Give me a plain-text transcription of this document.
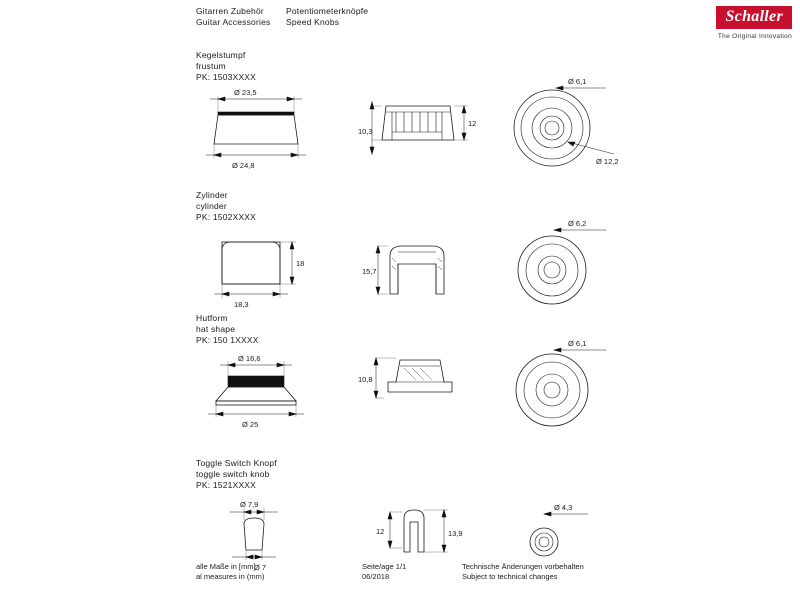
Gitarren Zubehör
Guitar Accessories
Potentiometerknöpfe
Speed Knobs	Schaller
The Original Innovation
Kegelstumpf
frustum
PK: 1503XXXX
Ø 23,5
Ø 24,8
10,3
12
Ø 6,1
Ø 12,2
Zylinder
cylinder
PK: 1502XXXX
18
18,3
15,7
Ø 6,2
Hutform
hat shape
PK: 150 1XXXX
Ø 16,6
Ø 25
10,8
Ø 6,1
Toggle Switch Knopf
toggle switch knob
PK: 1521XXXX
Ø 7,9
Ø 7
12	13,9
Ø 4,3
alle Maße in [mm]
al measures in (mm)
Seite/age 1/1
06/2018
Technische Änderungen vorbehalten
Subject to technical changes
